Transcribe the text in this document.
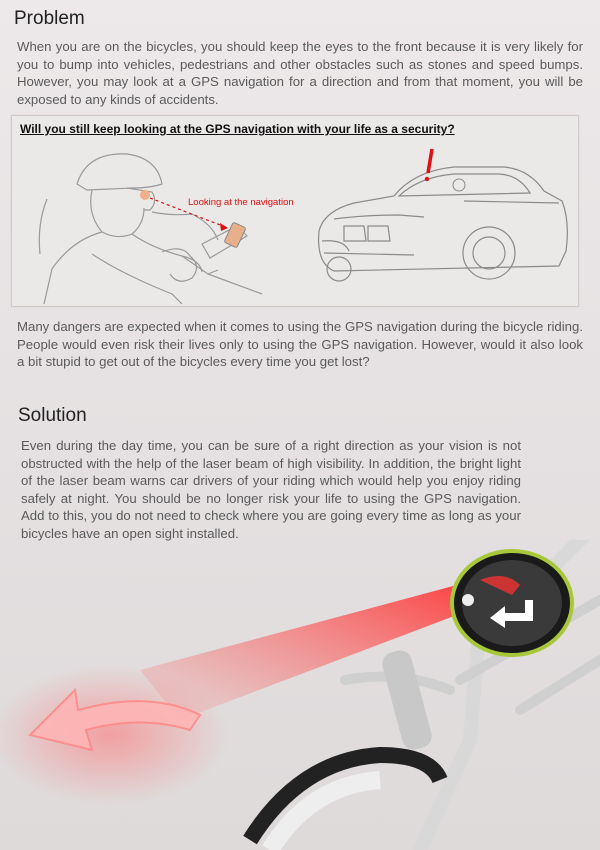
Problem

When you are on the bicycles, you should keep the eyes to the front because it is very likely for you to bump into vehicles, pedestrians and other obstacles such as stones and speed bumps. However, you may look at a GPS navigation for a direction and from that moment, you will be exposed to any kinds of accidents.

Will you still keep looking at the GPS navigation with your life as a security?

Looking at the navigation

Many dangers are expected when it comes to using the GPS navigation during the bicycle riding. People would even risk their lives only to using the GPS navigation. However, would it also look a bit stupid to get out of the bicycles every time you get lost?

Solution

Even during the day time, you can be sure of a right direction as your vision is not obstructed with the help of the laser beam of high visibility. In addition, the bright light of the laser beam warns car drivers of your riding which would help you enjoy riding safely at night. You should be no longer risk your life to using the GPS navigation. Add to this, you do not need to check where you are going every time as long as your bicycles have an open sight installed.
